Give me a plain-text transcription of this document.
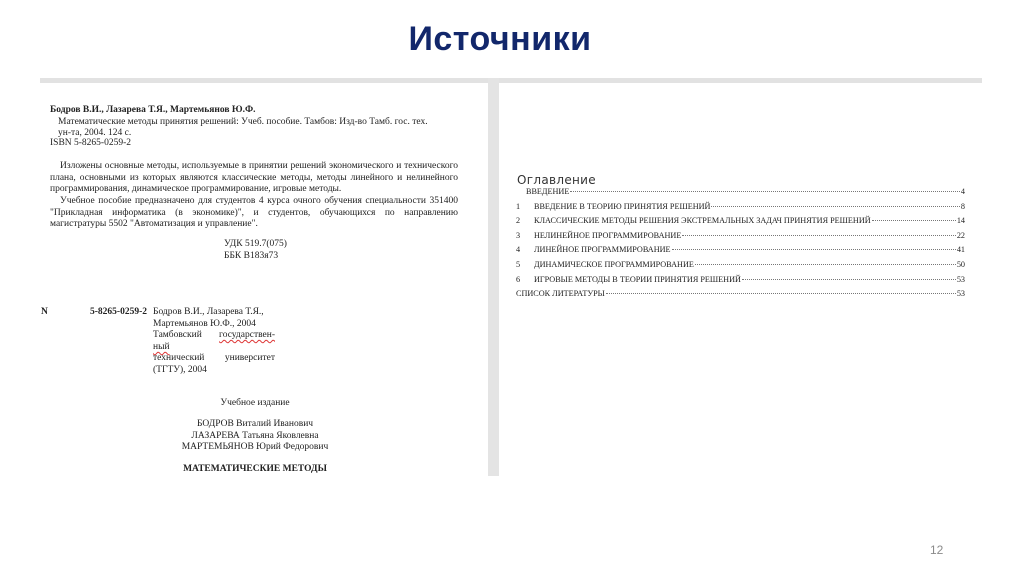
Источники
Бодров В.И., Лазарева Т.Я., Мартемьянов Ю.Ф.
Математические методы принятия решений: Учеб. пособие. Тамбов: Изд-во Тамб. гос. тех.
ун-та, 2004. 124 с.
ISBN 5-8265-0259-2
Изложены основные методы, используемые в принятии решений экономического и технического плана, основными из которых являются классические методы, методы линейного и нелинейного программирования, динамическое программирование, игровые методы.
Учебное пособие предназначено для студентов 4 курса очного обучения специальности 351400 "Прикладная информатика (в экономике)", и студентов, обучающихся по направлению магистратуры 5502 "Автоматизация и управление".
УДК 519.7(075)
ББК В183я73
N	5-8265-0259-2 Бодров В.И., Лазарева Т.Я.,
Мартемьянов Ю.Ф., 2004
Тамбовский государствен-
ный
технический университет
(ТГТУ), 2004
Учебное издание
БОДРОВ Виталий Иванович
ЛАЗАРЕВА Татьяна Яковлевна
МАРТЕМЬЯНОВ Юрий Федорович
МАТЕМАТИЧЕСКИЕ МЕТОДЫ
Оглавление
ВВЕДЕНИЕ	4
1	ВВЕДЕНИЕ В ТЕОРИЮ ПРИНЯТИЯ РЕШЕНИЙ	8
2	КЛАССИЧЕСКИЕ МЕТОДЫ РЕШЕНИЯ ЭКСТРЕМАЛЬНЫХ ЗАДАЧ ПРИНЯТИЯ РЕШЕНИЙ	14
3	НЕЛИНЕЙНОЕ ПРОГРАММИРОВАНИЕ	22
4	ЛИНЕЙНОЕ ПРОГРАММИРОВАНИЕ	41
5	ДИНАМИЧЕСКОЕ ПРОГРАММИРОВАНИЕ	50
6	ИГРОВЫЕ МЕТОДЫ В ТЕОРИИ ПРИНЯТИЯ РЕШЕНИЙ	53
СПИСОК ЛИТЕРАТУРЫ	53
12
